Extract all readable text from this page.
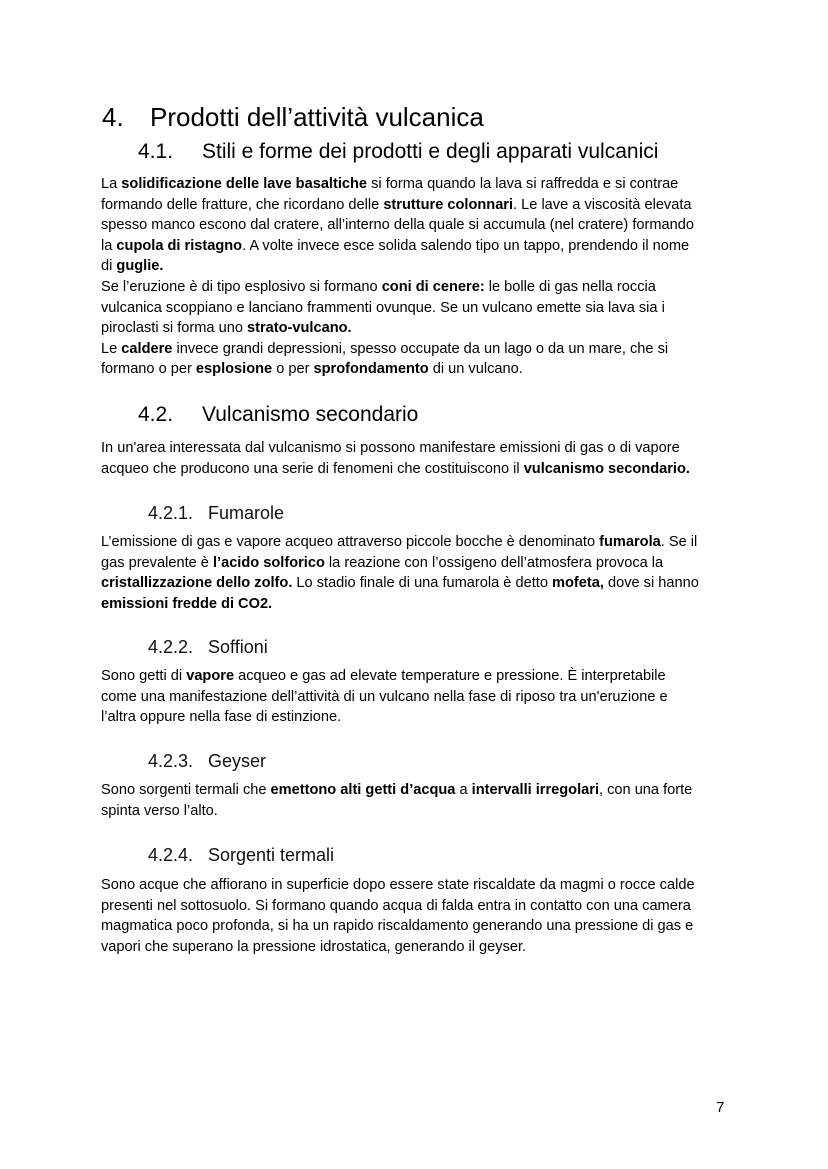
4. Prodotti dell’attività vulcanica
4.1. Stili e forme dei prodotti e degli apparati vulcanici
La solidificazione delle lave basaltiche si forma quando la lava si raffredda e si contrae
formando delle fratture, che ricordano delle strutture colonnari. Le lave a viscosità elevata
spesso manco escono dal cratere, all’interno della quale si accumula (nel cratere) formando
la cupola di ristagno. A volte invece esce solida salendo tipo un tappo, prendendo il nome
di guglie.
Se l’eruzione è di tipo esplosivo si formano coni di cenere: le bolle di gas nella roccia
vulcanica scoppiano e lanciano frammenti ovunque. Se un vulcano emette sia lava sia i
piroclasti si forma uno strato-vulcano.
Le caldere invece grandi depressioni, spesso occupate da un lago o da un mare, che si
formano o per esplosione o per sprofondamento di un vulcano.
4.2. Vulcanismo secondario
In un'area interessata dal vulcanismo si possono manifestare emissioni di gas o di vapore
acqueo che producono una serie di fenomeni che costituiscono il vulcanismo secondario.
4.2.1. Fumarole
L’emissione di gas e vapore acqueo attraverso piccole bocche è denominato fumarola. Se il
gas prevalente è l’acido solforico la reazione con l’ossigeno dell’atmosfera provoca la
cristallizzazione dello zolfo. Lo stadio finale di una fumarola è detto mofeta, dove si hanno
emissioni fredde di CO2.
4.2.2. Soffioni
Sono getti di vapore acqueo e gas ad elevate temperature e pressione. È interpretabile
come una manifestazione dell’attività di un vulcano nella fase di riposo tra un'eruzione e
l’altra oppure nella fase di estinzione.
4.2.3. Geyser
Sono sorgenti termali che emettono alti getti d’acqua a intervalli irregolari, con una forte
spinta verso l’alto.
4.2.4. Sorgenti termali
Sono acque che affiorano in superficie dopo essere state riscaldate da magmi o rocce calde
presenti nel sottosuolo. Si formano quando acqua di falda entra in contatto con una camera
magmatica poco profonda, si ha un rapido riscaldamento generando una pressione di gas e
vapori che superano la pressione idrostatica, generando il geyser.
7
